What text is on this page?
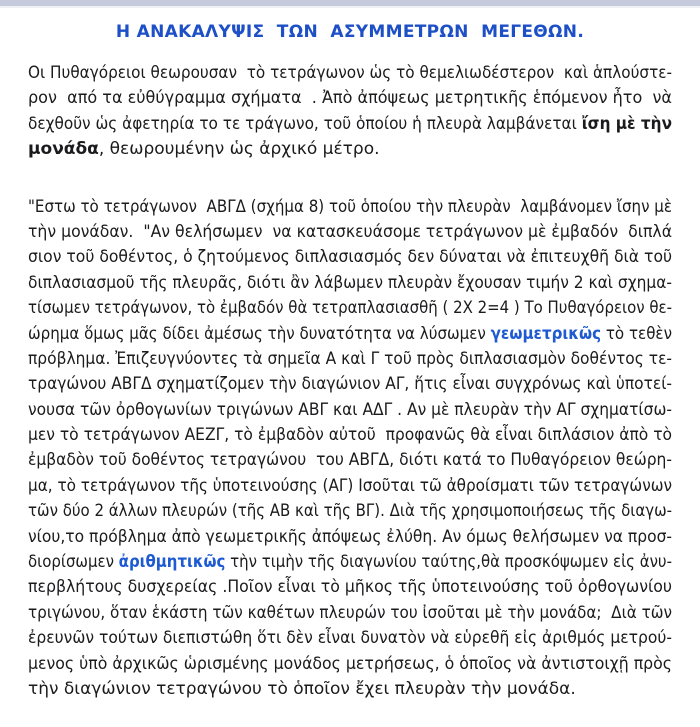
Η ΑΝΑΚΑΛΥΨΙΣ  ΤΩΝ  ΑΣΥΜΜΕΤΡΩΝ  ΜΕΓΕΘΩΝ.
Οι Πυθαγόρειοι θεωρουσαν  τὸ τετράγωνον ὡς τὸ θεμελιωδέστερον  καὶ ἁπλούστε-
ρον  από τα εὐθύγραμμα σχήματα  . Ἀπὸ ἀπόψεως μετρητικῆς ἑπόμενον ἦτο  νὰ
δεχθοῦν ὡς ἀφετηρία το τε τράγωνο, τοῦ ὁποίου ἡ πλευρὰ λαμβάνεται ἴση μὲ τὴν
μονάδα, θεωρουμένην ὡς ἀρχικό μέτρο.
"Εστω τὸ τετράγωνον  ΑΒΓΔ (σχήμα 8) τοῦ ὁποίου τὴν πλευρὰν  λαμβάνομεν ἴσην μὲ
τὴν μονάδαν.  "Αν θελήσωμεν  να κατασκευάσομε τετράγωνον μὲ ἐμβαδόν  διπλά
σιον τοῦ δοθέντος, ὁ ζητούμενος διπλασιασμός δεν δύναται νὰ ἐπιτευχθῆ διὰ τοῦ
διπλασιασμοῦ τῆς πλευρᾶς, διότι ἂν λάβωμεν πλευρὰν ἔχουσαν τιμήν 2 καὶ σχημα-
τίσωμεν τετράγωνον, τὸ ἐμβαδόν θὰ τετραπλασιασθῆ ( 2Χ 2=4 ) Το Πυθαγόρειον θε-
ώρημα ὅμως μᾶς δίδει ἀμέσως τὴν δυνατότητα να λύσωμεν γεωμετρικῶς τὸ τεθὲν
πρόβλημα. Ἐπιζευγνύοντες τὰ σημεῖα Α καὶ Γ τοῦ πρὸς διπλασιασμὸν δοθέντος τε-
τραγώνου ΑΒΓΔ σχηματίζομεν τὴν διαγώνιον ΑΓ, ἥτις εἶναι συγχρόνως καὶ ὑποτεί-
νουσα τῶν ὀρθογωνίων τριγώνων ΑΒΓ και ΑΔΓ . Αν μὲ πλευρὰν τὴν ΑΓ σχηματίσω-
μεν τὸ τετράγωνον ΑΕΖΓ, τὸ ἐμβαδὸν αὐτοῦ  προφανῶς θὰ εἶναι διπλάσιον ἀπὸ τὸ
ἐμβαδὸν τοῦ δοθέντος τετραγώνου  του ΑΒΓΔ, διότι κατά το Πυθαγόρειον θεώρη-
μα, τὸ τετράγωνον τῆς ὑποτεινούσης (ΑΓ) Ισοῦται τῶ ἀθροίσματι τῶν τετραγώνων
τῶν δύο 2 άλλων πλευρών (τῆς ΑΒ καὶ τῆς ΒΓ). Διὰ τῆς χρησιμοποιήσεως τῆς διαγω-
νίου,το πρόβλημα ἀπὸ γεωμετρικῆς ἀπόψεως ἐλύθη. Αν όμως θελήσωμεν να προσ-
διορίσωμεν ἀριθμητικῶς τὴν τιμὴν τῆς διαγωνίου ταύτης,θὰ προσκόψωμεν εἰς ἀνυ-
περβλήτους δυσχερείας .Ποῖον εἶναι τὸ μῆκος τῆς ὑποτεινούσης τοῦ ὀρθογωνίου
τριγώνου, ὅταν ἑκάστη τῶν καθέτων πλευρών του ἰσοῦται μὲ τὴν μονάδα;  Διὰ τῶν
ἐρευνῶν τούτων διεπιστώθη ὅτι δὲν εἶναι δυνατὸν νὰ εὑρεθῆ εἰς ἀριθμός μετρού-
μενος ὑπὸ ἀρχικῶς ὡρισμένης μονάδος μετρήσεως, ὁ ὁποῖος νὰ ἀντιστοιχῇ πρὸς
τὴν διαγώνιον τετραγώνου τὸ ὁποῖον ἔχει πλευρὰν τὴν μονάδα.
